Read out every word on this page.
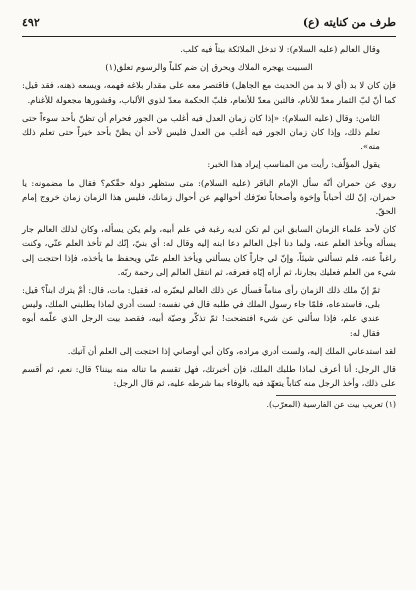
طرف من كنايته (ع)
٤٩٢

وقال العالم (عليه السلام): لا تدخل الملائكة بيتاً فيه كلب.

السبيت يهجره الملاك ويحرق إن ضم كلباً والرسوم تعلق(١)

فإن كان لا بد (أي لا بد من الحديث مع الجاهل) فاقتصر معه على مقدار بلاغه فهمه، ويسعه ذهنه، فقد قيل: كما أنّ لبّ الثمار معدّ للأنام، فالتبن معدّ للأنعام، فلبّ الحكمة معدّ لذوي الألباب، وقشورها مجعولة للأغنام.

الثامن: وقال (عليه السلام): «إذا كان زمان العدل فيه أغلب من الجور فحرام أن تظنّ بأحد سوءاً حتى تعلم ذلك، وإذا كان زمان الجور فيه أغلب من العدل فليس لأحد أن يظنّ بأحد خيراً حتى تعلم ذلك منه».

يقول المؤلّف: رأيت من المناسب إيراد هذا الخبر:

روي عن حمران أنّه سأل الإمام الباقر (عليه السلام): متى ستظهر دولة حقّكم؟ فقال ما مضمونه: يا حمران، إنّ لك أحباباً وإخوة وأصحاباً تعرّفك أحوالهم عن أحوال زمانك، فليس هذا الزمان زمان خروج إمام الحقّ.

كان لأحد علماء الزمان السابق ابن لم تكن لديه رغبة في علم أبيه، ولم يكن يسأله، وكان لذلك العالم جار يسأله ويأخذ العلم عنه، ولما دنا أجل العالم دعا ابنه إليه وقال له: أي بنيّ، إنّك لم تأخذ العلم عنّي، وكنت راغباً عنه، فلم تسألني شيئاً، وإنّ لي جاراً كان يسألني ويأخذ العلم عنّي ويحفظ ما يأخذه، فإذا احتجت إلى شيء من العلم فعليك بجارنا، ثم أراه إيّاه فعرفه، ثم انتقل العالم إلى رحمة ربّه.

ثمّ إنّ ملك ذلك الزمان رأى مناماً فسأل عن ذلك العالم ليعبّره له، فقيل: مات، قال: أمْ يترك ابناً؟ قيل: بلى، فاستدعاه، فلمّا جاء رسول الملك في طلبه قال في نفسه: لست أدري لماذا يطلبني الملك، وليس عندي علم، فإذا سألني عن شيء افتضحت! ثمّ تذكّر وصيّة أبيه، فقصد بيت الرجل الذي علّمه أبوه فقال له:

لقد استدعاني الملك إليه، ولست أدري مراده، وكان أبي أوصاني إذا احتجت إلى العلم أن آتيك.

قال الرجل: أنا أعرف لماذا طلبك الملك، فإن أخبرتك، فهل تقسم ما تناله منه بيننا؟ قال: نعم، ثم أقسم على ذلك، وأخذ الرجل منه كتاباً يتعهّد فيه بالوفاء بما شرطه عليه، ثم قال الرجل:

(١) تعريب بيت عن الفارسية (المعرّب).
